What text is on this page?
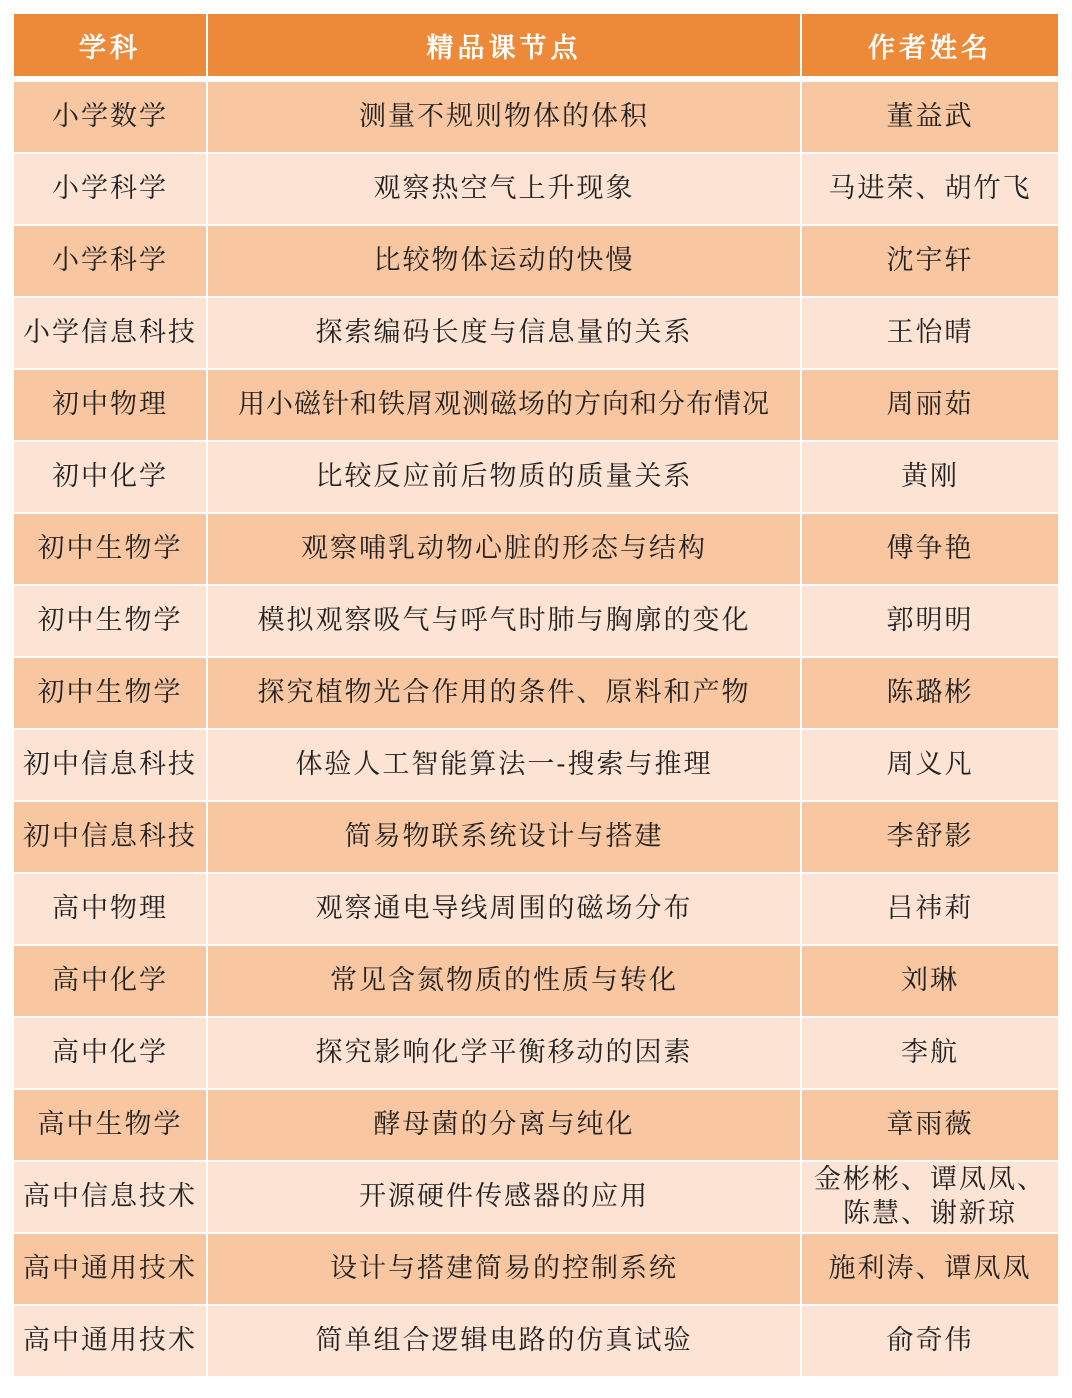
学科	精品课节点	作者姓名
小学数学	测量不规则物体的体积	董益武
小学科学	观察热空气上升现象	马进荣、胡竹飞
小学科学	比较物体运动的快慢	沈宇轩
小学信息科技	探索编码长度与信息量的关系	王怡晴
初中物理	用小磁针和铁屑观测磁场的方向和分布情况	周丽茹
初中化学	比较反应前后物质的质量关系	黄刚
初中生物学	观察哺乳动物心脏的形态与结构	傅争艳
初中生物学	模拟观察吸气与呼气时肺与胸廓的变化	郭明明
初中生物学	探究植物光合作用的条件、原料和产物	陈璐彬
初中信息科技	体验人工智能算法一-搜索与推理	周义凡
初中信息科技	简易物联系统设计与搭建	李舒影
高中物理	观察通电导线周围的磁场分布	吕祎莉
高中化学	常见含氮物质的性质与转化	刘琳
高中化学	探究影响化学平衡移动的因素	李航
高中生物学	酵母菌的分离与纯化	章雨薇
高中信息技术	开源硬件传感器的应用	金彬彬、谭凤凤、陈慧、谢新琼
高中通用技术	设计与搭建简易的控制系统	施利涛、谭凤凤
高中通用技术	简单组合逻辑电路的仿真试验	俞奇伟
